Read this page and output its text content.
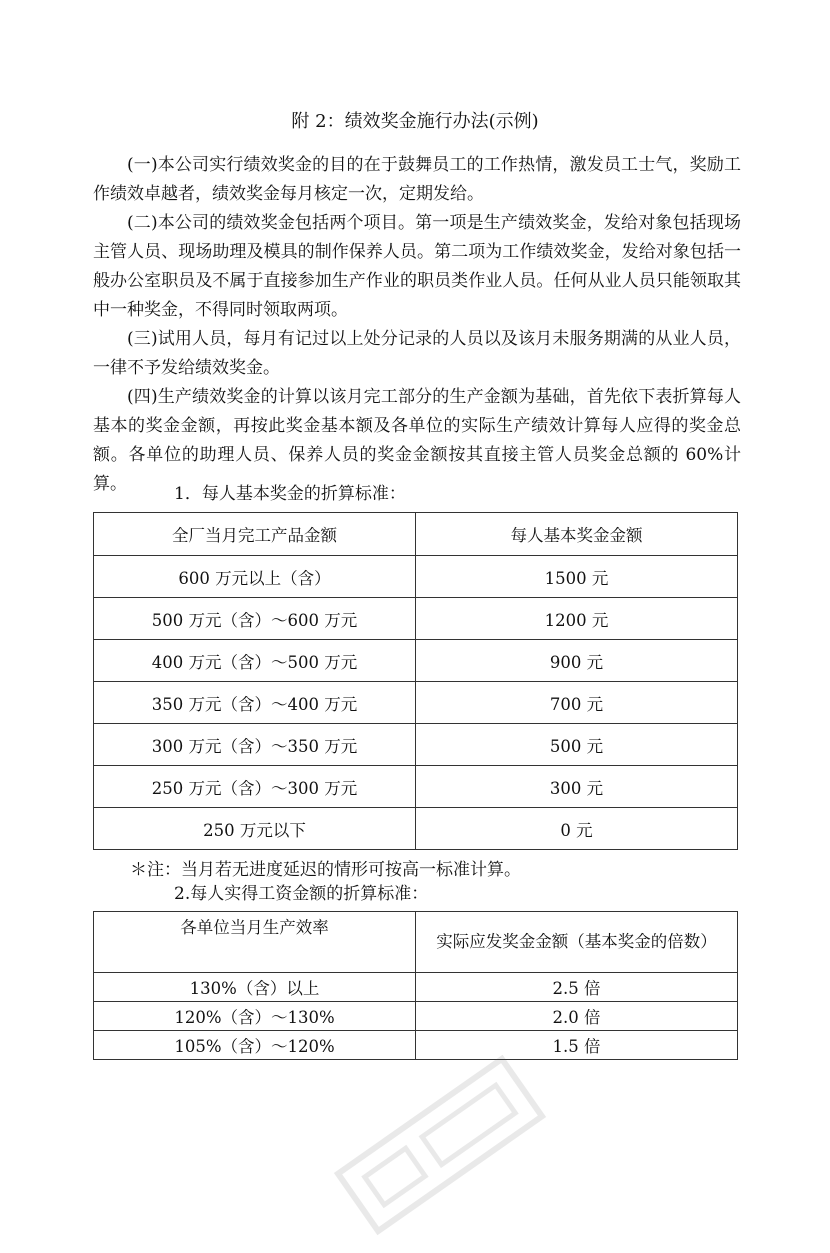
附 2：绩效奖金施行办法(示例)

(一)本公司实行绩效奖金的目的在于鼓舞员工的工作热情，激发员工士气，奖励工作绩效卓越者，绩效奖金每月核定一次，定期发给。

(二)本公司的绩效奖金包括两个项目。第一项是生产绩效奖金，发给对象包括现场主管人员、现场助理及模具的制作保养人员。第二项为工作绩效奖金，发给对象包括一般办公室职员及不属于直接参加生产作业的职员类作业人员。任何从业人员只能领取其中一种奖金，不得同时领取两项。

(三)试用人员，每月有记过以上处分记录的人员以及该月未服务期满的从业人员，一律不予发给绩效奖金。

(四)生产绩效奖金的计算以该月完工部分的生产金额为基础，首先依下表折算每人基本的奖金金额，再按此奖金基本额及各单位的实际生产绩效计算每人应得的奖金总额。各单位的助理人员、保养人员的奖金金额按其直接主管人员奖金总额的 60%计算。	1．每人基本奖金的折算标准：

全厂当月完工产品金额	每人基本奖金金额
600 万元以上（含）	1500 元
500 万元（含）～600 万元	1200 元
400 万元（含）～500 万元	900 元
350 万元（含）～400 万元	700 元
300 万元（含）～350 万元	500 元
250 万元（含）～300 万元	300 元
250 万元以下	0 元

＊注：当月若无进度延迟的情形可按高一标准计算。

2.每人实得工资金额的折算标准：

各单位当月生产效率	实际应发奖金金额（基本奖金的倍数）
130%（含）以上	2.5 倍
120%（含）～130%	2.0 倍
105%（含）～120%	1.5 倍
